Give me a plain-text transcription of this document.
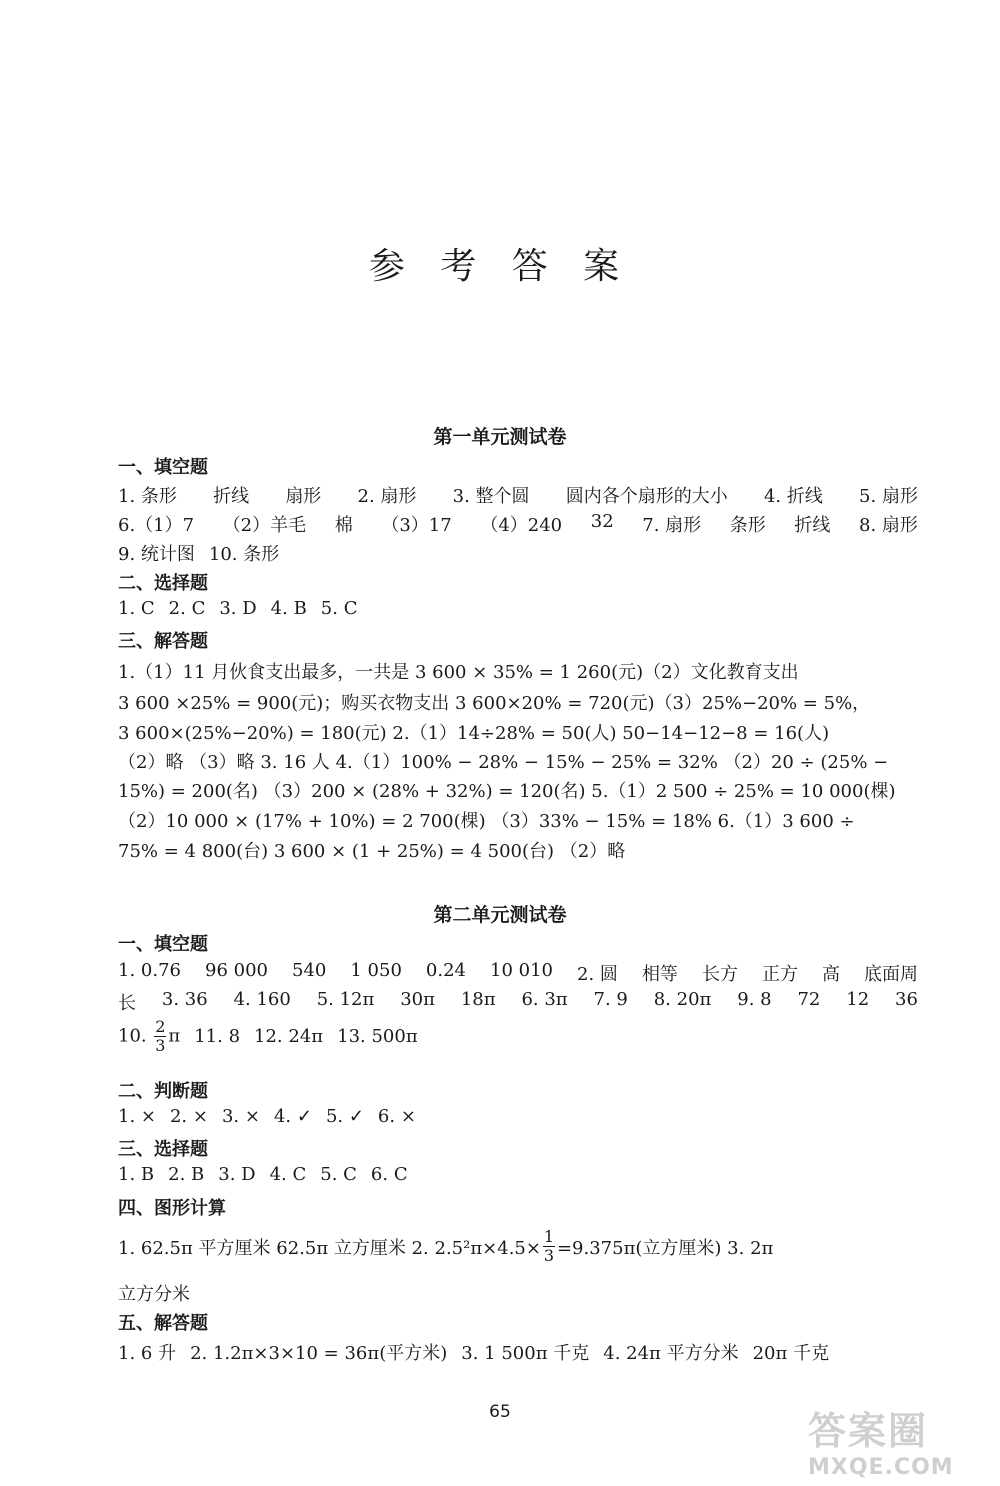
参 考 答 案
第一单元测试卷
一、填空题
1. 条形 折线 扇形 2. 扇形 3. 整个圆 圆内各个扇形的大小 4. 折线 5. 扇形
6.（1）7 （2）羊毛 棉 （3）17 （4）240 32 7. 扇形 条形 折线 8. 扇形
9. 统计图 10. 条形
二、选择题
1. C 2. C 3. D 4. B 5. C
三、解答题
1.（1）11 月伙食支出最多，一共是 3 600 × 35% = 1 260(元)（2）文化教育支出
3 600 ×25% = 900(元)；购买衣物支出 3 600×20% = 720(元)（3）25%−20% = 5%，
3 600×(25%−20%) = 180(元) 2.（1）14÷28% = 50(人) 50−14−12−8 = 16(人)
（2）略 （3）略 3. 16 人 4.（1）100% − 28% − 15% − 25% = 32% （2）20 ÷ (25% −
15%) = 200(名) （3）200 × (28% + 32%) = 120(名) 5.（1）2 500 ÷ 25% = 10 000(棵)
（2）10 000 × (17% + 10%) = 2 700(棵) （3）33% − 15% = 18% 6.（1）3 600 ÷
75% = 4 800(台) 3 600 × (1 + 25%) = 4 500(台) （2）略
第二单元测试卷
一、填空题
1. 0.76 96 000 540 1 050 0.24 10 010 2. 圆 相等 长方 正方 高 底面周
长 3. 36 4. 160 5. 12π 30π 18π 6. 3π 7. 9 8. 20π 9. 8 72 12 36
10. $\frac{2}{3}$ π 11. 8 12. 24π 13. 500π
二、判断题
1. × 2. × 3. × 4. ✓ 5. ✓ 6. ×
三、选择题
1. B 2. B 3. D 4. C 5. C 6. C
四、图形计算
1. 62.5π 平方厘米 62.5π 立方厘米 2. $2.5^2\pi\times 4.5\times \frac{1}{3} =9.375\pi$(立方厘米) 3. 2π
立方分米
五、解答题
1. 6 升 2. 1.2π×3×10 = 36π(平方米) 3. 1 500π 千克 4. 24π 平方分米 20π 千克
65	答案圈
MXQE.COM
